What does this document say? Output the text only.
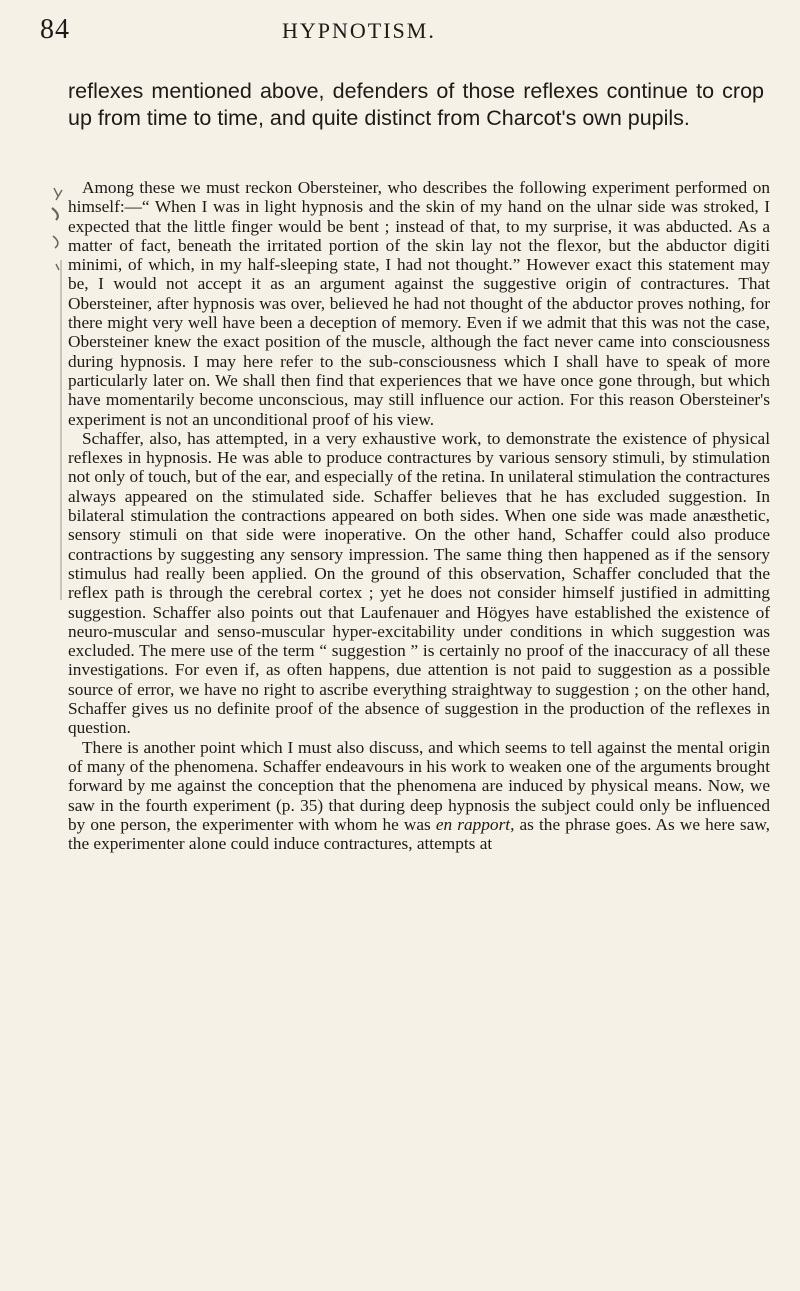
84	HYPNOTISM.

reflexes mentioned above, defenders of those reflexes continue to crop up from time to time, and quite distinct from Charcot's own pupils.

Among these we must reckon Obersteiner, who describes the following experiment performed on himself:—“ When I was in light hypnosis and the skin of my hand on the ulnar side was stroked, I expected that the little finger would be bent ; instead of that, to my surprise, it was abducted. As a matter of fact, beneath the irritated portion of the skin lay not the flexor, but the abductor digiti minimi, of which, in my half-sleeping state, I had not thought.” However exact this statement may be, I would not accept it as an argument against the suggestive origin of contractures. That Obersteiner, after hypnosis was over, believed he had not thought of the abductor proves nothing, for there might very well have been a deception of memory. Even if we admit that this was not the case, Obersteiner knew the exact position of the muscle, although the fact never came into consciousness during hypnosis. I may here refer to the sub-consciousness which I shall have to speak of more particularly later on. We shall then find that experiences that we have once gone through, but which have momentarily become unconscious, may still influence our action. For this reason Obersteiner's experiment is not an unconditional proof of his view.

Schaffer, also, has attempted, in a very exhaustive work, to demonstrate the existence of physical reflexes in hypnosis. He was able to produce contractures by various sensory stimuli, by stimulation not only of touch, but of the ear, and especially of the retina. In unilateral stimulation the contractures always appeared on the stimulated side. Schaffer believes that he has excluded suggestion. In bilateral stimulation the contractions appeared on both sides. When one side was made anæsthetic, sensory stimuli on that side were inoperative. On the other hand, Schaffer could also produce contractions by suggesting any sensory impression. The same thing then happened as if the sensory stimulus had really been applied. On the ground of this observation, Schaffer concluded that the reflex path is through the cerebral cortex ; yet he does not consider himself justified in admitting suggestion. Schaffer also points out that Laufenauer and Högyes have established the existence of neuro-muscular and senso-muscular hyper-excitability under conditions in which suggestion was excluded. The mere use of the term “ suggestion ” is certainly no proof of the inaccuracy of all these investigations. For even if, as often happens, due attention is not paid to suggestion as a possible source of error, we have no right to ascribe everything straightway to suggestion ; on the other hand, Schaffer gives us no definite proof of the absence of suggestion in the production of the reflexes in question.

There is another point which I must also discuss, and which seems to tell against the mental origin of many of the phenomena. Schaffer endeavours in his work to weaken one of the arguments brought forward by me against the conception that the phenomena are induced by physical means. Now, we saw in the fourth experiment (p. 35) that during deep hypnosis the subject could only be influenced by one person, the experimenter with whom he was en rapport, as the phrase goes. As we here saw, the experimenter alone could induce contractures, attempts at
